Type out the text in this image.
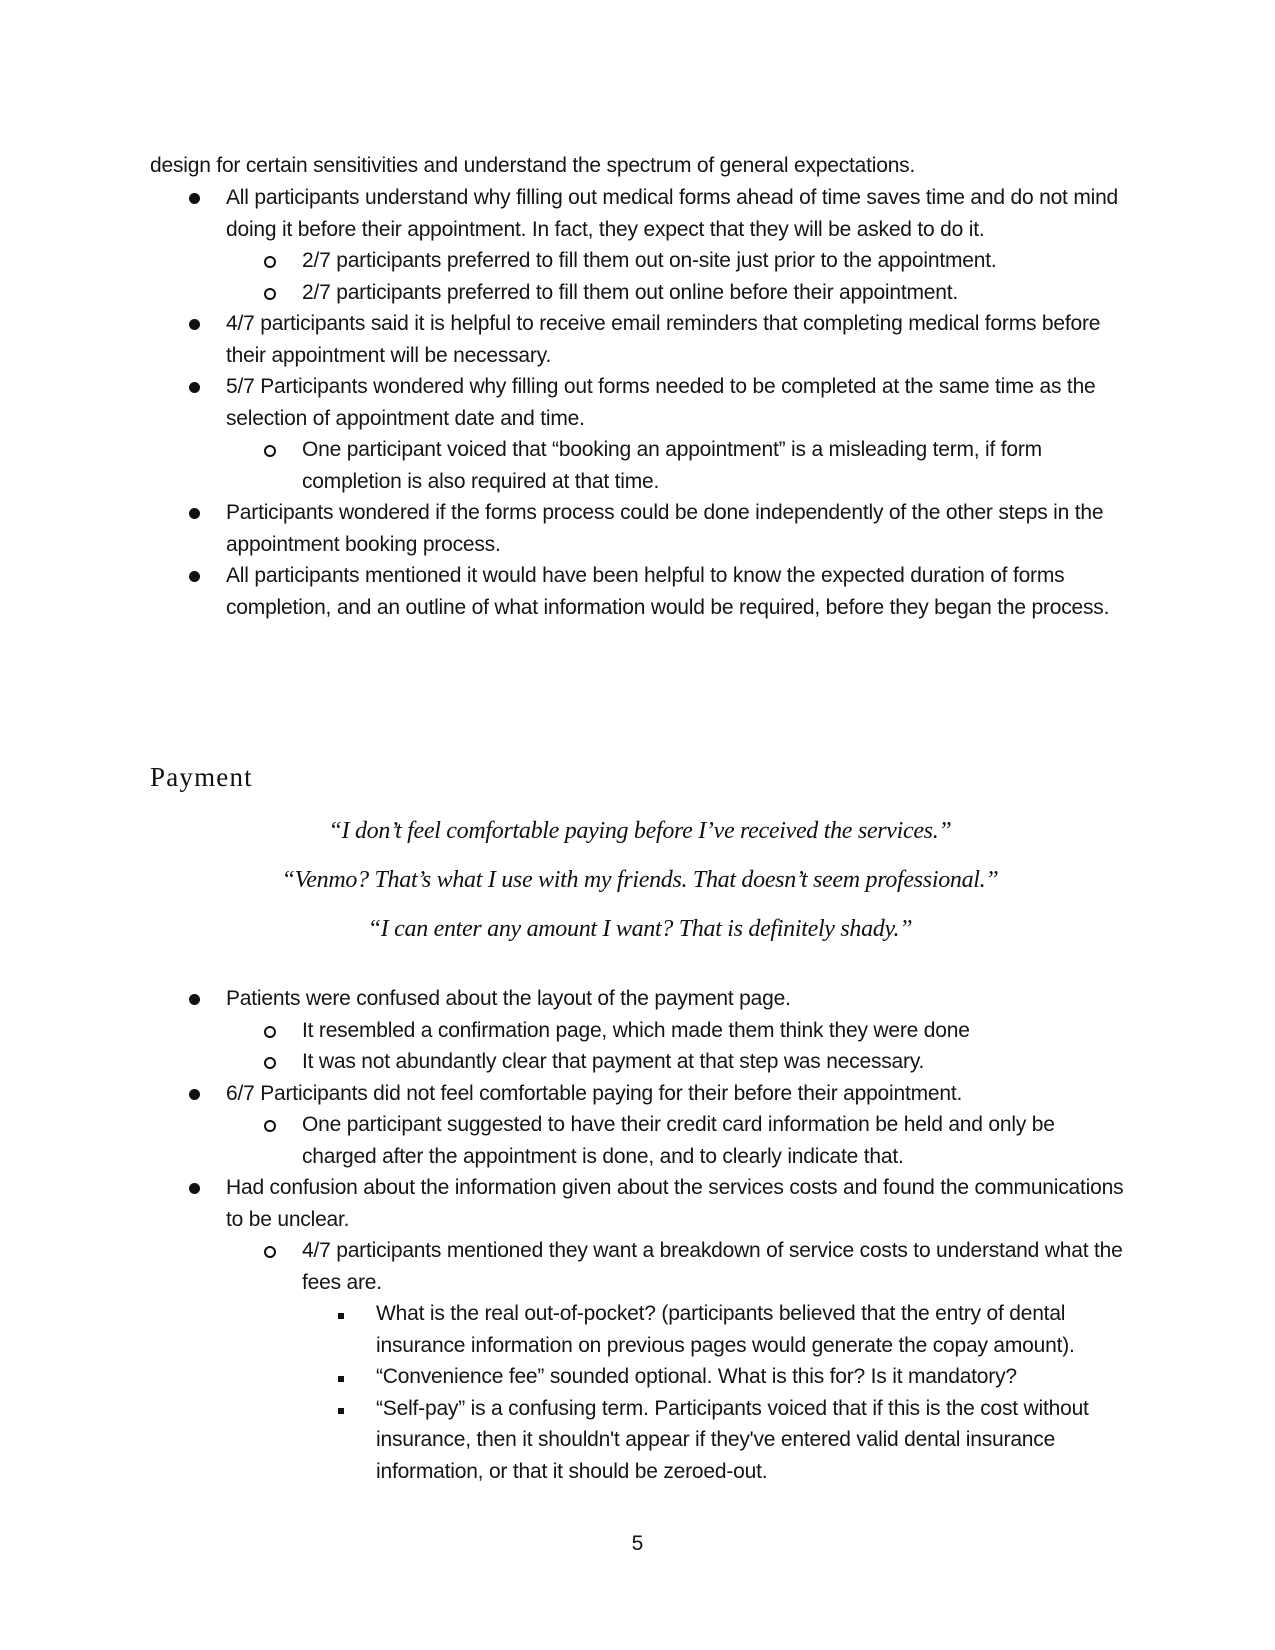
design for certain sensitivities and understand the spectrum of general expectations.
All participants understand why filling out medical forms ahead of time saves time and do not mind doing it before their appointment. In fact, they expect that they will be asked to do it.
2/7 participants preferred to fill them out on-site just prior to the appointment.
2/7 participants preferred to fill them out online before their appointment.
4/7 participants said it is helpful to receive email reminders that completing medical forms before their appointment will be necessary.
5/7 Participants wondered why filling out forms needed to be completed at the same time as the selection of appointment date and time.
One participant voiced that “booking an appointment” is a misleading term, if form completion is also required at that time.
Participants wondered if the forms process could be done independently of the other steps in the appointment booking process.
All participants mentioned it would have been helpful to know the expected duration of forms completion, and an outline of what information would be required, before they began the process.
Payment

“I don’t feel comfortable paying before I’ve received the services.”

“Venmo? That’s what I use with my friends. That doesn’t seem professional.”

“I can enter any amount I want? That is definitely shady.”

Patients were confused about the layout of the payment page.
It resembled a confirmation page, which made them think they were done
It was not abundantly clear that payment at that step was necessary.
6/7 Participants did not feel comfortable paying for their before their appointment.
One participant suggested to have their credit card information be held and only be charged after the appointment is done, and to clearly indicate that.
Had confusion about the information given about the services costs and found the communications to be unclear.
4/7 participants mentioned they want a breakdown of service costs to understand what the fees are.
What is the real out-of-pocket? (participants believed that the entry of dental insurance information on previous pages would generate the copay amount).
“Convenience fee” sounded optional. What is this for? Is it mandatory?
“Self-pay” is a confusing term. Participants voiced that if this is the cost without insurance, then it shouldn't appear if they've entered valid dental insurance information, or that it should be zeroed-out.
5
